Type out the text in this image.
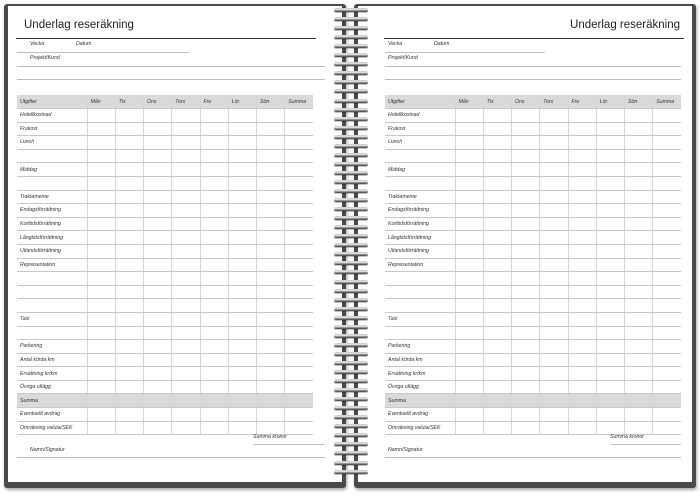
Underlag reseräkning
Vecka	Datum
Projekt/Kund
Utgifter	Mån	Tis	Ons	Tors	Fre	Lör	Sön	Summa
Hotellkostnad								
Frukost								
Lunch								

Middag								

Traktamente								
Endagsförrättning								
Korttidsförrättning								
Långtidsförrättning								
Utlandsförrättning								
Representation								

Taxi								

Parkering								
Antal körda km								
Ersättning kr/km								
Övriga utlägg								
Summa								
Eventuellt avdrag								
Omräkning valuta/SEK								
Summa kronor
Namn/Signatur
Underlag reseräkning
Vecka	Datum
Projekt/Kund
Utgifter	Mån	Tis	Ons	Tors	Fre	Lör	Sön	Summa
Hotellkostnad								
Frukost								
Lunch								

Middag								

Traktamente								
Endagsförrättning								
Korttidsförrättning								
Långtidsförrättning								
Utlandsförrättning								
Representation								

Taxi								

Parkering								
Antal körda km								
Ersättning kr/km								
Övriga utlägg								
Summa								
Eventuellt avdrag								
Omräkning valuta/SEK								
Summa kronor
Namn/Signatur
